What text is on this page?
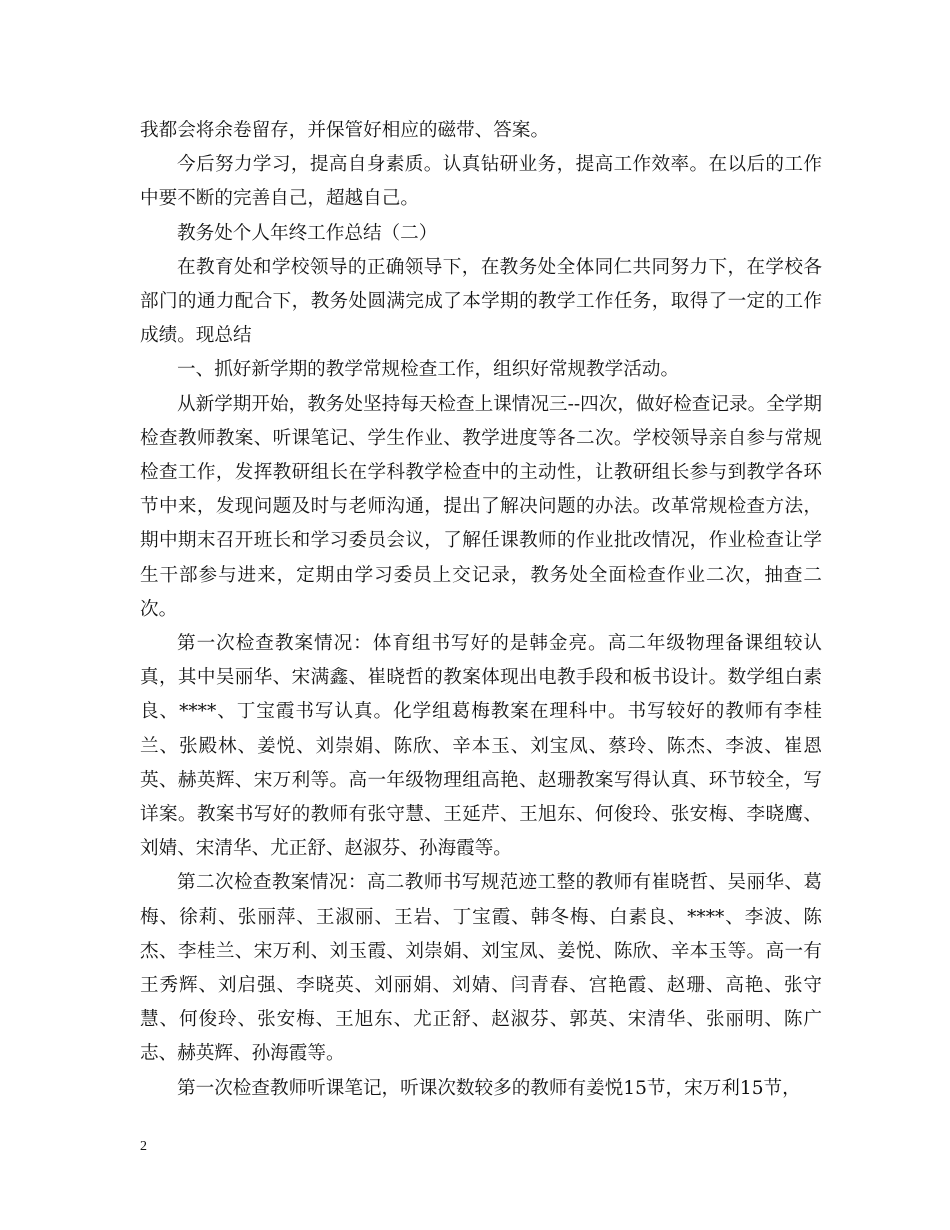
我都会将余卷留存，并保管好相应的磁带、答案。

今后努力学习，提高自身素质。认真钻研业务，提高工作效率。在以后的工作中要不断的完善自己，超越自己。

教务处个人年终工作总结（二）

在教育处和学校领导的正确领导下，在教务处全体同仁共同努力下，在学校各部门的通力配合下，教务处圆满完成了本学期的教学工作任务，取得了一定的工作成绩。现总结

一、抓好新学期的教学常规检查工作，组织好常规教学活动。

从新学期开始，教务处坚持每天检查上课情况三--四次，做好检查记录。全学期检查教师教案、听课笔记、学生作业、教学进度等各二次。学校领导亲自参与常规检查工作，发挥教研组长在学科教学检查中的主动性，让教研组长参与到教学各环节中来，发现问题及时与老师沟通，提出了解决问题的办法。改革常规检查方法，期中期末召开班长和学习委员会议，了解任课教师的作业批改情况，作业检查让学生干部参与进来，定期由学习委员上交记录，教务处全面检查作业二次，抽查二次。

第一次检查教案情况：体育组书写好的是韩金亮。高二年级物理备课组较认真，其中吴丽华、宋满鑫、崔晓哲的教案体现出电教手段和板书设计。数学组白素良、****、丁宝霞书写认真。化学组葛梅教案在理科中。书写较好的教师有李桂兰、张殿林、姜悦、刘崇娟、陈欣、辛本玉、刘宝凤、蔡玲、陈杰、李波、崔恩英、赫英辉、宋万利等。高一年级物理组高艳、赵珊教案写得认真、环节较全，写详案。教案书写好的教师有张守慧、王延芹、王旭东、何俊玲、张安梅、李晓鹰、刘婧、宋清华、尤正舒、赵淑芬、孙海霞等。

第二次检查教案情况：高二教师书写规范迹工整的教师有崔晓哲、吴丽华、葛梅、徐莉、张丽萍、王淑丽、王岩、丁宝霞、韩冬梅、白素良、****、李波、陈杰、李桂兰、宋万利、刘玉霞、刘崇娟、刘宝凤、姜悦、陈欣、辛本玉等。高一有王秀辉、刘启强、李晓英、刘丽娟、刘婧、闫青春、宫艳霞、赵珊、高艳、张守慧、何俊玲、张安梅、王旭东、尤正舒、赵淑芬、郭英、宋清华、张丽明、陈广志、赫英辉、孙海霞等。

第一次检查教师听课笔记，听课次数较多的教师有姜悦15节，宋万利15节，

2
